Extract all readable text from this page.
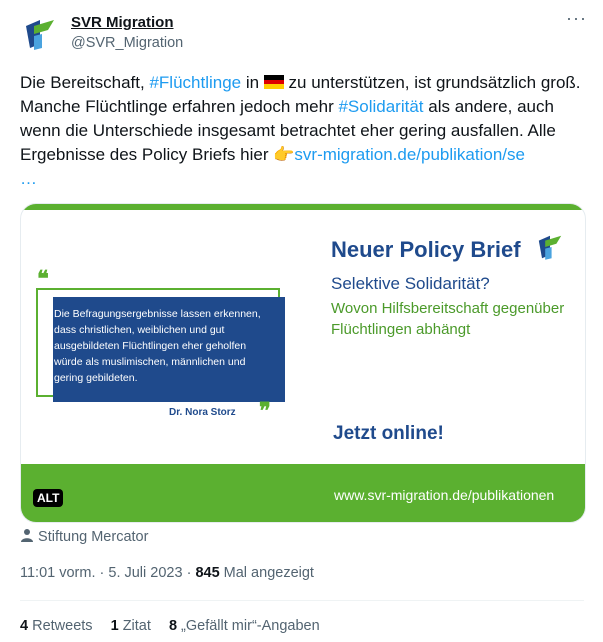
SVR Migration
@SVR_Migration
···
Die Bereitschaft, #Flüchtlinge in  zu unterstützen, ist grundsätzlich groß. Manche Flüchtlinge erfahren jedoch mehr #Solidarität als andere, auch wenn die Unterschiede insgesamt betrachtet eher gering ausfallen. Alle Ergebnisse des Policy Briefs hier 👉svr-migration.de/publikation/se
…
❝
Die Befragungsergebnisse lassen erkennen, dass christlichen, weiblichen und gut ausgebildeten Flüchtlingen eher geholfen würde als muslimischen, männlichen und gering gebildeten.
Dr. Nora Storz ❞
Neuer Policy Brief
Selektive Solidarität?
Wovon Hilfsbereitschaft gegenüber Flüchtlingen abhängt
Jetzt online!
www.svr-migration.de/publikationen
ALT
Stiftung Mercator
11:01 vorm. · 5. Juli 2023 · 845 Mal angezeigt
4 Retweets 1 Zitat 8 „Gefällt mir“-Angaben
